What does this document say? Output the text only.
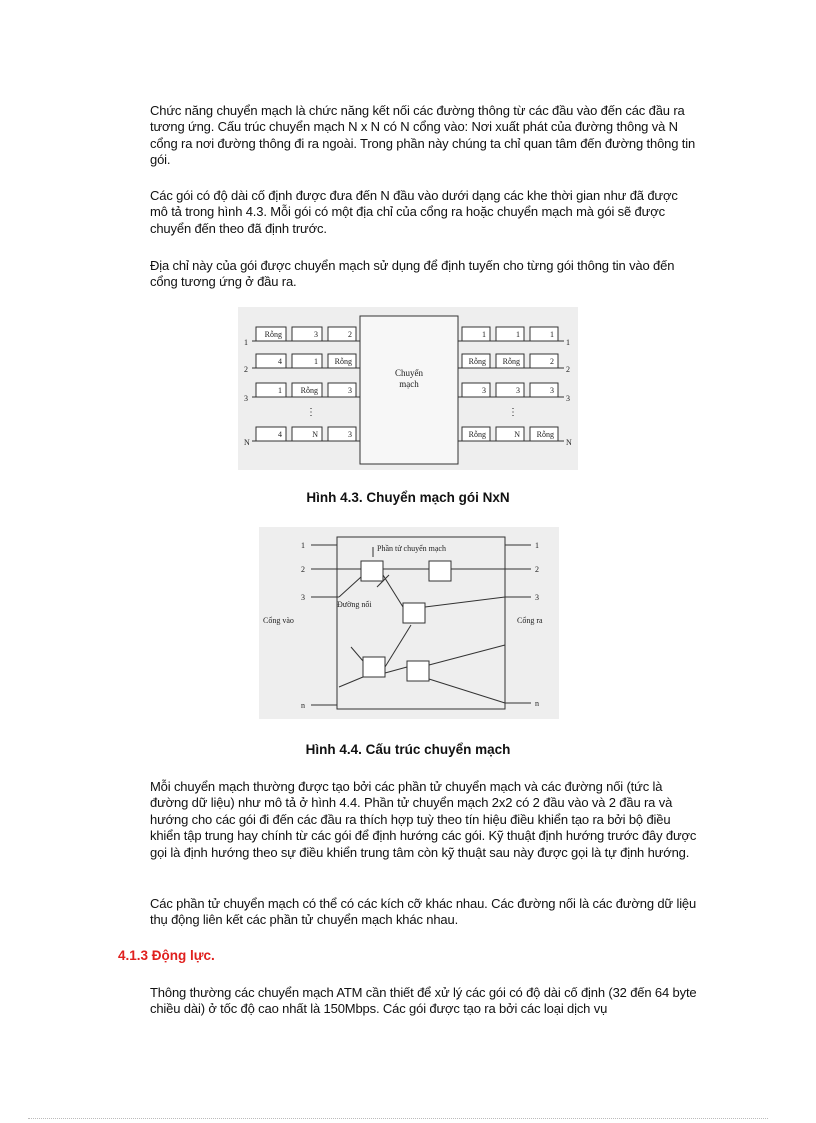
Chức năng chuyển mạch là chức năng kết nối các đường thông từ các đầu vào đến các đầu ra tương ứng. Cấu trúc chuyển mạch N x N có N cổng vào: Nơi xuất phát của đường thông và N cổng ra nơi đường thông đi ra ngoài. Trong phần này chúng ta chỉ quan tâm đến đường thông tin gói.

Các gói có độ dài cố định được đưa đến N đầu vào dưới dạng các khe thời gian như đã được mô tả trong hình 4.3. Mỗi gói có một địa chỉ của cổng ra hoặc chuyển mạch mà gói sẽ được chuyển đến theo đã định trước.

Địa chỉ này của gói được chuyển mạch sử dụng để định tuyến cho từng gói thông tin vào đến cổng tương ứng ở đầu ra.

Chuyển
mạch
Rỗng	3	2
4	1 Rỗng
1 Rỗng	3
4	N	3
1
2
3
N
⋮
1	1	1
Rỗng Rỗng	2
3	3	3
Rỗng	N Rỗng
1
2
3
N
⋮
Hình 4.3. Chuyển mạch gói NxN
Phần tử chuyển mạch
Đường nối
Cổng vào	Cổng ra
1
2
3
n
1
2
3
n
Hình 4.4. Cấu trúc chuyển mạch

Mỗi chuyển mạch thường được tạo bởi các phần tử chuyển mạch và các đường nối (tức là đường dữ liệu) như mô tả ở hình 4.4. Phần tử chuyển mạch 2x2 có 2 đầu vào và 2 đầu ra và hướng cho các gói đi đến các đầu ra thích hợp tuỳ theo tín hiệu điều khiển tạo ra bởi bộ điều khiển tập trung hay chính từ các gói để định hướng các gói. Kỹ thuật định hướng trước đây được gọi là định hướng theo sự điều khiển trung tâm còn kỹ thuật sau này được gọi là tự định hướng.

Các phần tử chuyển mạch có thể có các kích cỡ khác nhau. Các đường nối là các đường dữ liệu thụ động liên kết các phần tử chuyển mạch khác nhau.

4.1.3 Động lực.

Thông thường các chuyển mạch ATM cần thiết để xử lý các gói có độ dài cố định (32 đến 64 byte chiều dài) ở tốc độ cao nhất là 150Mbps. Các gói được tạo ra bởi các loại dịch vụ
